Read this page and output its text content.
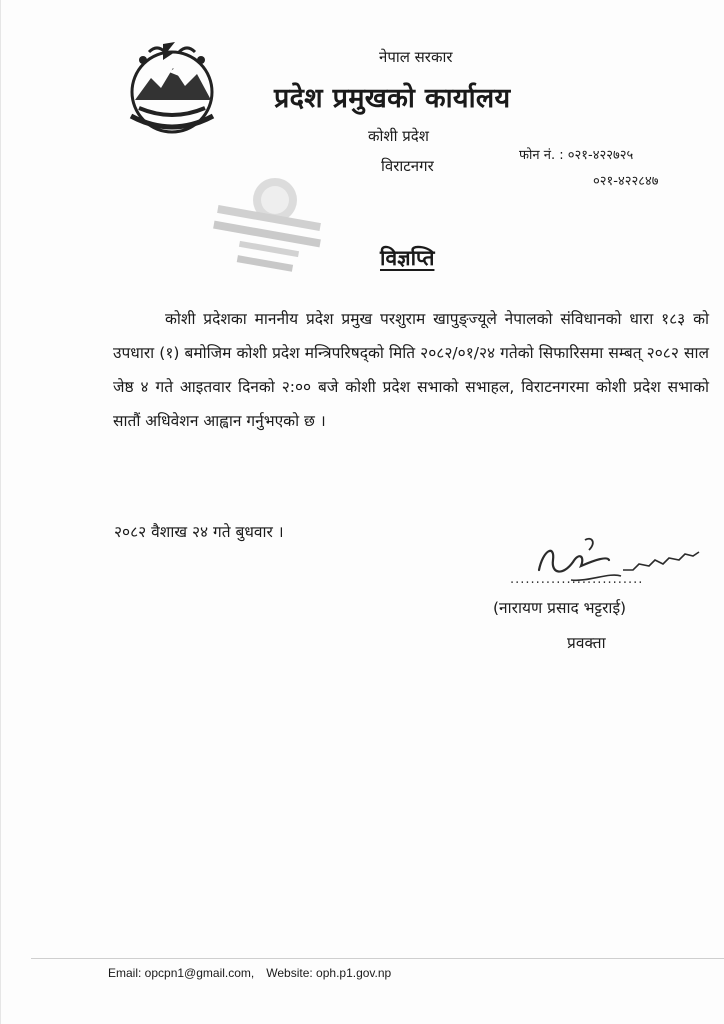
नेपाल सरकार
प्रदेश प्रमुखको कार्यालय
कोशी प्रदेश
विराटनगर
फोन नं. : ०२१-४२२७२५
०२१-४२२८४७
विज्ञप्ति
कोशी प्रदेशका माननीय प्रदेश प्रमुख परशुराम खापुङ्ज्यूले नेपालको संविधानको धारा १८३ को उपधारा (१) बमोजिम कोशी प्रदेश मन्त्रिपरिषद्‌को मिति २०८२/०१/२४ गतेको सिफारिसमा सम्बत् २०८२ साल जेष्ठ ४ गते आइतवार दिनको २:०० बजे कोशी प्रदेश सभाको सभाहल, विराटनगरमा कोशी प्रदेश सभाको सातौं अधिवेशन आह्वान गर्नुभएको छ ।
२०८२ वैशाख २४ गते बुधवार ।
..........................
(नारायण प्रसाद भट्टराई)
प्रवक्ता
Email: opcpn1@gmail.com, Website: oph.p1.gov.np
